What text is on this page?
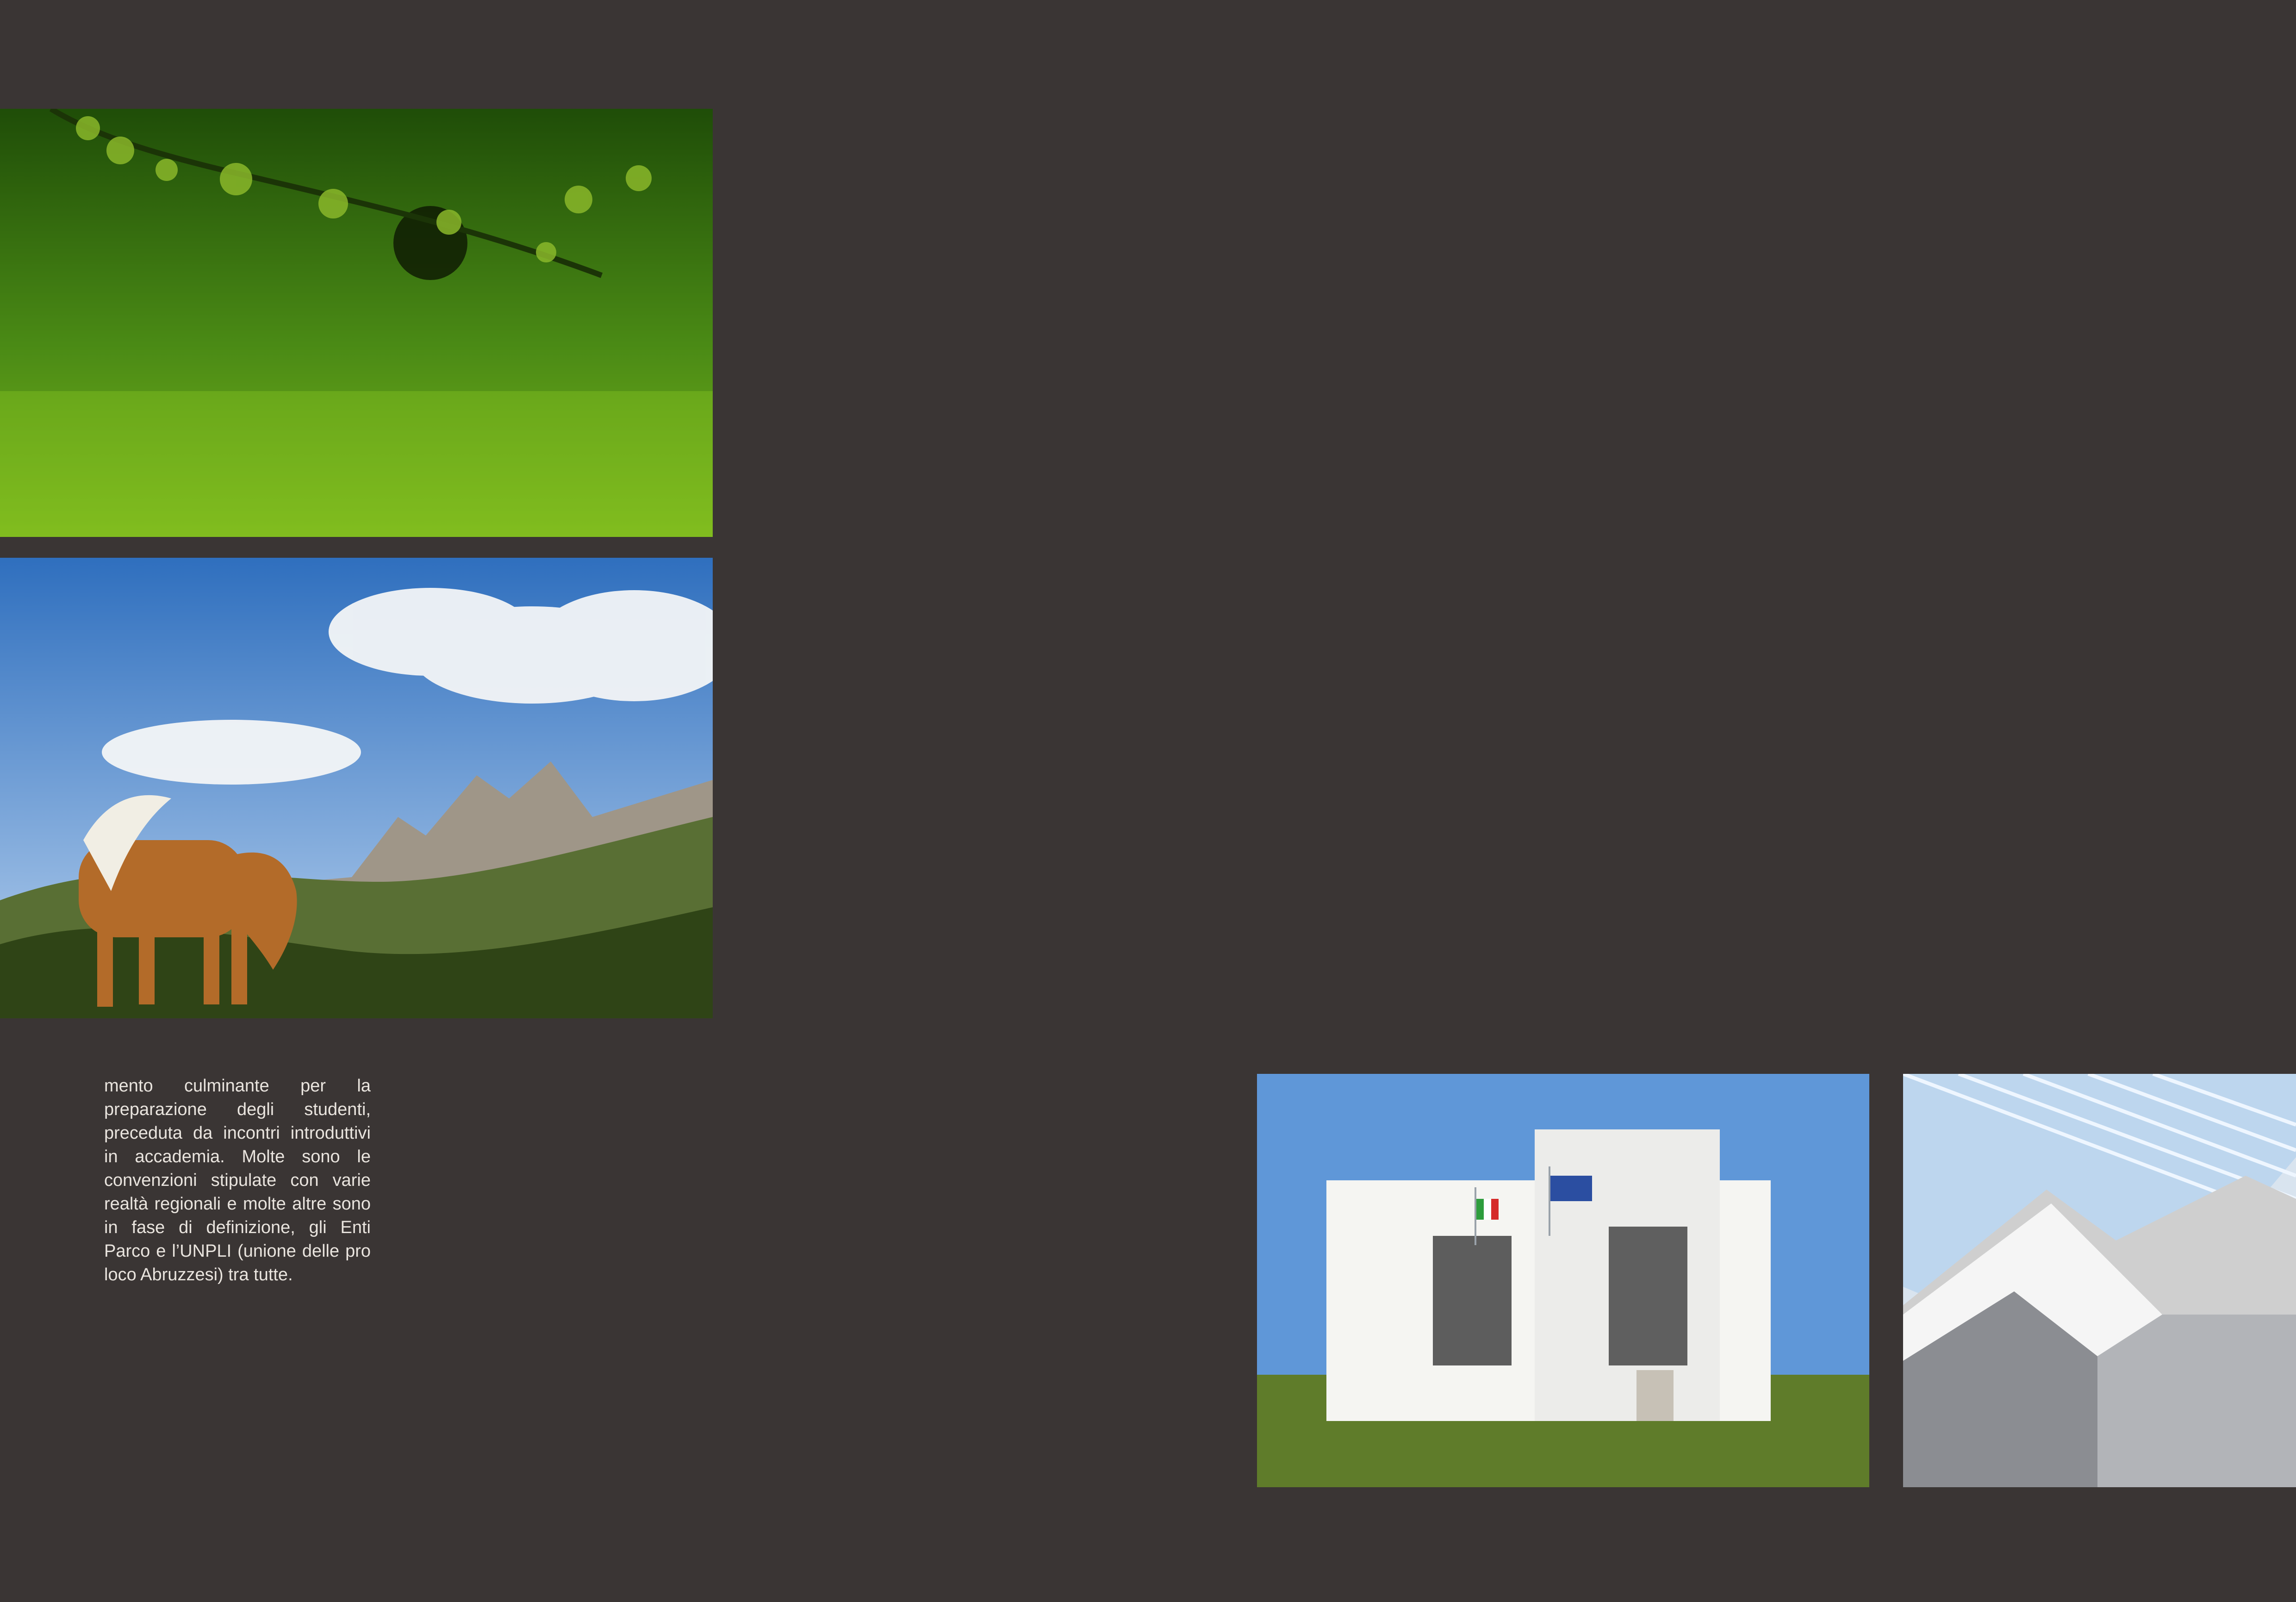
mento culminante per la preparazione degli studenti, preceduta da incontri introduttivi in accademia. Molte sono le convenzioni stipulate con varie realtà regionali e molte altre sono in fase di definizione, gli Enti Parco e l’UNPLI (unione delle pro loco Abruzzesi) tra tutte.
